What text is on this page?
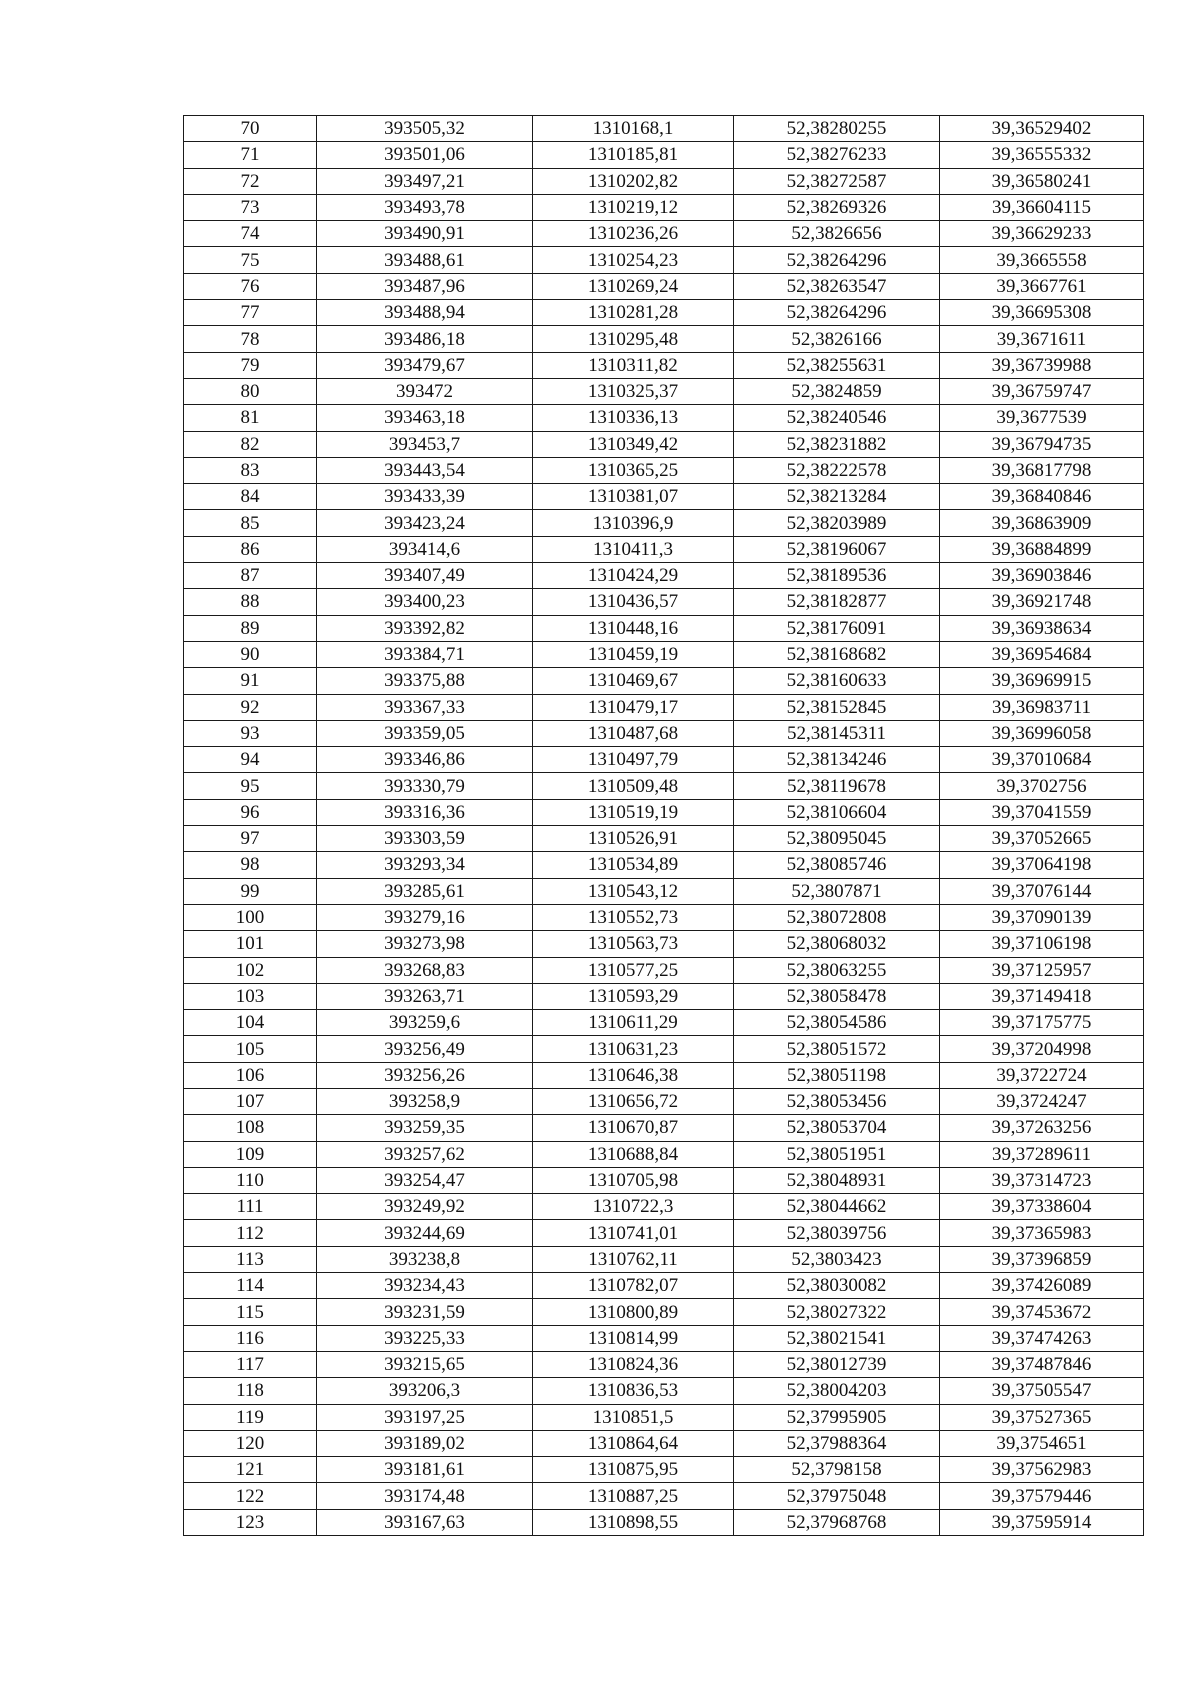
70	393505,32	1310168,1	52,38280255	39,36529402
71	393501,06	1310185,81	52,38276233	39,36555332
72	393497,21	1310202,82	52,38272587	39,36580241
73	393493,78	1310219,12	52,38269326	39,36604115
74	393490,91	1310236,26	52,3826656	39,36629233
75	393488,61	1310254,23	52,38264296	39,3665558
76	393487,96	1310269,24	52,38263547	39,3667761
77	393488,94	1310281,28	52,38264296	39,36695308
78	393486,18	1310295,48	52,3826166	39,3671611
79	393479,67	1310311,82	52,38255631	39,36739988
80	393472	1310325,37	52,3824859	39,36759747
81	393463,18	1310336,13	52,38240546	39,3677539
82	393453,7	1310349,42	52,38231882	39,36794735
83	393443,54	1310365,25	52,38222578	39,36817798
84	393433,39	1310381,07	52,38213284	39,36840846
85	393423,24	1310396,9	52,38203989	39,36863909
86	393414,6	1310411,3	52,38196067	39,36884899
87	393407,49	1310424,29	52,38189536	39,36903846
88	393400,23	1310436,57	52,38182877	39,36921748
89	393392,82	1310448,16	52,38176091	39,36938634
90	393384,71	1310459,19	52,38168682	39,36954684
91	393375,88	1310469,67	52,38160633	39,36969915
92	393367,33	1310479,17	52,38152845	39,36983711
93	393359,05	1310487,68	52,38145311	39,36996058
94	393346,86	1310497,79	52,38134246	39,37010684
95	393330,79	1310509,48	52,38119678	39,3702756
96	393316,36	1310519,19	52,38106604	39,37041559
97	393303,59	1310526,91	52,38095045	39,37052665
98	393293,34	1310534,89	52,38085746	39,37064198
99	393285,61	1310543,12	52,3807871	39,37076144
100	393279,16	1310552,73	52,38072808	39,37090139
101	393273,98	1310563,73	52,38068032	39,37106198
102	393268,83	1310577,25	52,38063255	39,37125957
103	393263,71	1310593,29	52,38058478	39,37149418
104	393259,6	1310611,29	52,38054586	39,37175775
105	393256,49	1310631,23	52,38051572	39,37204998
106	393256,26	1310646,38	52,38051198	39,3722724
107	393258,9	1310656,72	52,38053456	39,3724247
108	393259,35	1310670,87	52,38053704	39,37263256
109	393257,62	1310688,84	52,38051951	39,37289611
110	393254,47	1310705,98	52,38048931	39,37314723
111	393249,92	1310722,3	52,38044662	39,37338604
112	393244,69	1310741,01	52,38039756	39,37365983
113	393238,8	1310762,11	52,3803423	39,37396859
114	393234,43	1310782,07	52,38030082	39,37426089
115	393231,59	1310800,89	52,38027322	39,37453672
116	393225,33	1310814,99	52,38021541	39,37474263
117	393215,65	1310824,36	52,38012739	39,37487846
118	393206,3	1310836,53	52,38004203	39,37505547
119	393197,25	1310851,5	52,37995905	39,37527365
120	393189,02	1310864,64	52,37988364	39,3754651
121	393181,61	1310875,95	52,3798158	39,37562983
122	393174,48	1310887,25	52,37975048	39,37579446
123	393167,63	1310898,55	52,37968768	39,37595914
